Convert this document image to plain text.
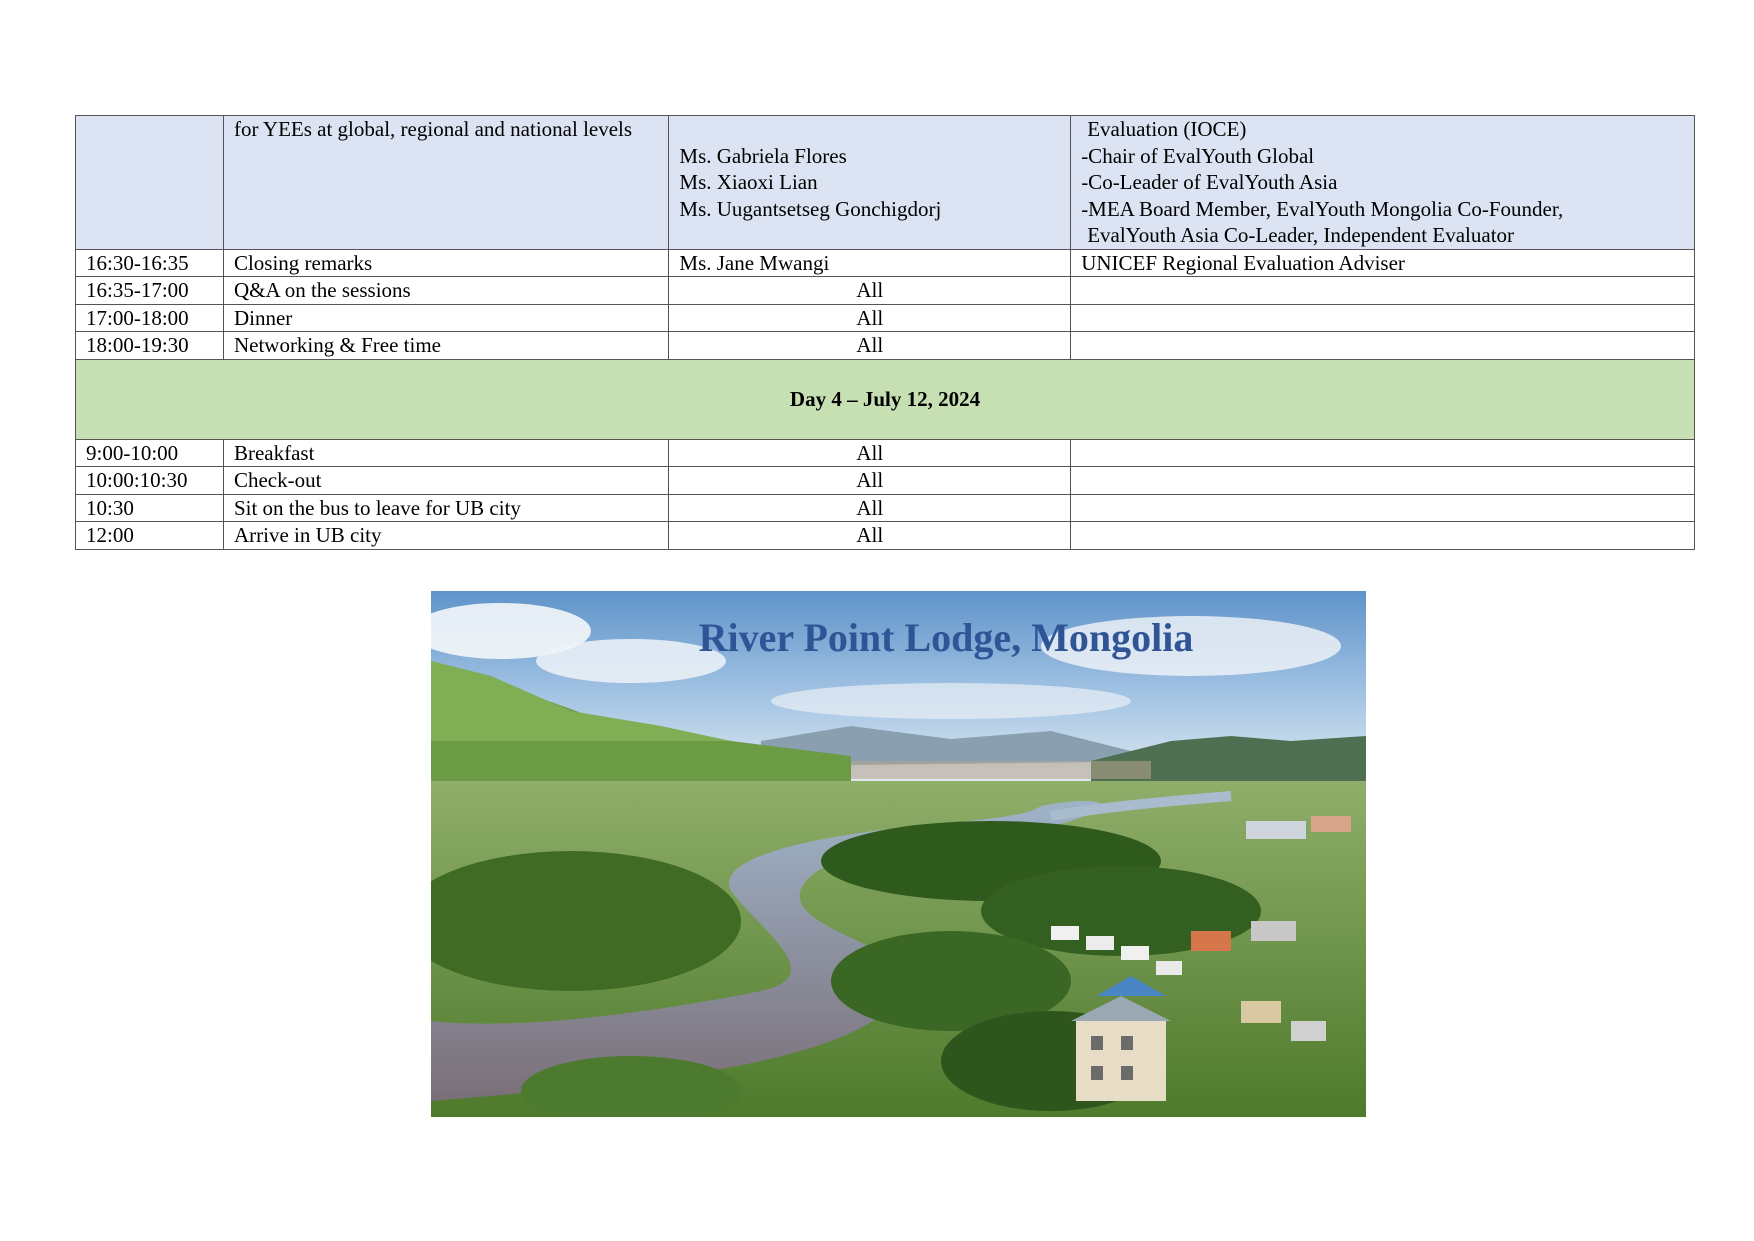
	for YEEs at global, regional and national levels	Ms. Gabriela Flores
Ms. Xiaoxi Lian
Ms. Uugantsetseg Gonchigdorj	Evaluation (IOCE)
-Chair of EvalYouth Global
-Co-Leader of EvalYouth Asia
-MEA Board Member, EvalYouth Mongolia Co-Founder,
EvalYouth Asia Co-Leader, Independent Evaluator

16:30-16:35	Closing remarks	Ms. Jane Mwangi	UNICEF Regional Evaluation Adviser
16:35-17:00	Q&A on the sessions	All	
17:00-18:00	Dinner	All	
18:00-19:30	Networking & Free time	All	
Day 4 – July 12, 2024			
9:00-10:00	Breakfast	All	
10:00:10:30	Check-out	All	
10:30	Sit on the bus to leave for UB city	All	
12:00	Arrive in UB city	All	
River Point Lodge, Mongolia
